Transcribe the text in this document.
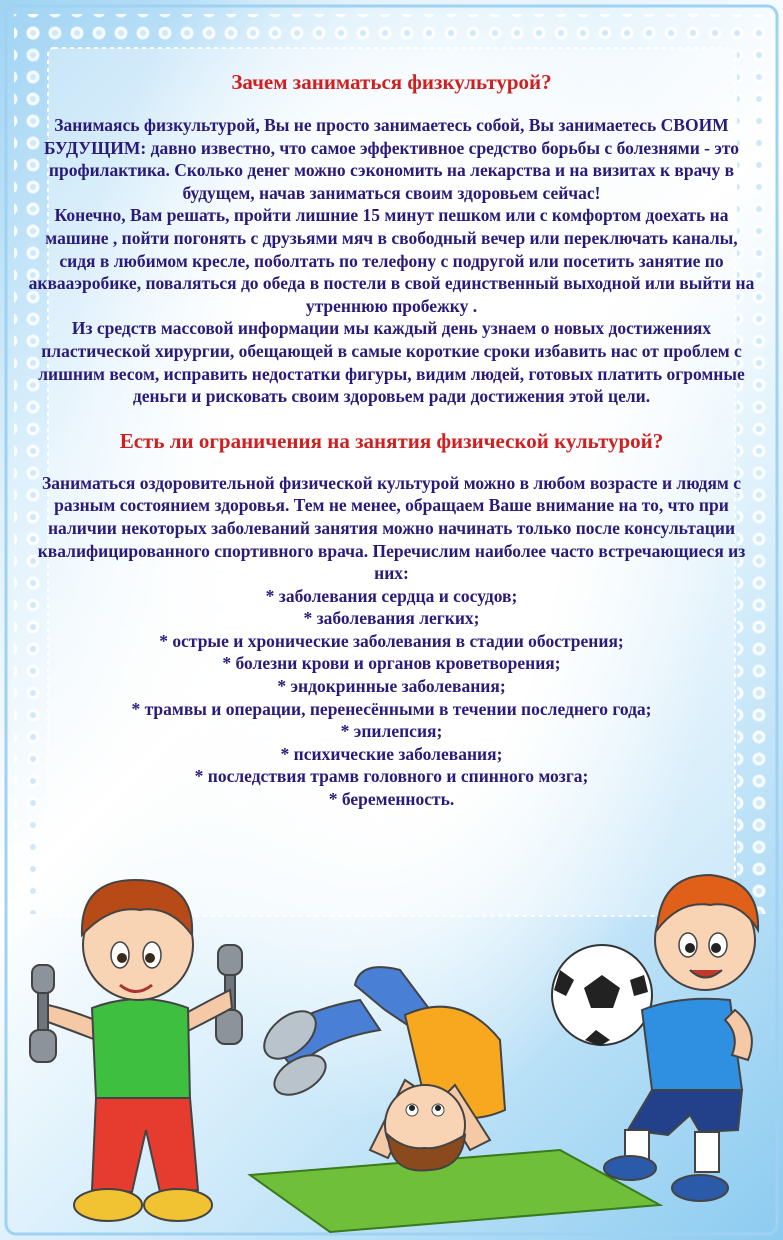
Зачем заниматься физкультурой?

Занимаясь физкультурой, Вы не просто занимаетесь собой, Вы занимаетесь СВОИМ БУДУЩИМ: давно известно, что самое эффективное средство борьбы с болезнями - это профилактика. Сколько денег можно сэкономить на лекарства и на визитах к врачу в будущем, начав заниматься своим здоровьем сейчас!

Конечно, Вам решать, пройти лишние 15 минут пешком или с комфортом доехать на машине , пойти погонять с друзьями мяч в свободный вечер или переключать каналы, сидя в любимом кресле, поболтать по телефону с подругой или посетить занятие по аквааэробике, поваляться до обеда в постели в свой единственный выходной или выйти на утреннюю пробежку .

Из средств массовой информации мы каждый день узнаем о новых достижениях пластической хирургии, обещающей в самые короткие сроки избавить нас от проблем с лишним весом, исправить недостатки фигуры, видим людей, готовых платить огромные деньги и рисковать своим здоровьем ради достижения этой цели.

Есть ли ограничения на занятия физической культурой?

Заниматься оздоровительной физической культурой можно в любом возрасте и людям с разным состоянием здоровья. Тем не менее, обращаем Ваше внимание на то, что при наличии некоторых заболеваний занятия можно начинать только после консультации квалифицированного спортивного врача. Перечислим наиболее часто встречающиеся из них:

* заболевания сердца и сосудов;
* заболевания легких;
* острые и хронические заболевания в стадии обострения;
* болезни крови и органов кроветворения;
* эндокринные заболевания;
* трамвы и операции, перенесёнными в течении последнего года;
* эпилепсия;
* психические заболевания;
* последствия трамв головного и спинного мозга;
* беременность.
